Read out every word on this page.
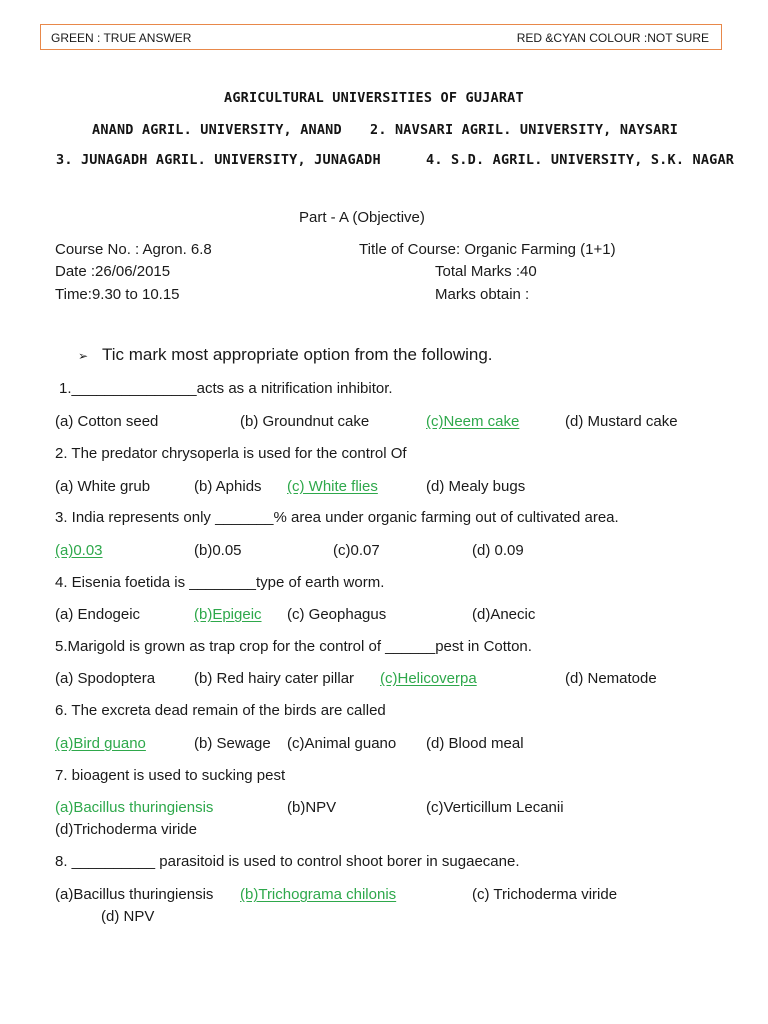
GREEN : TRUE ANSWER	RED &CYAN COLOUR :NOT SURE
AGRICULTURAL UNIVERSITIES OF GUJARAT
ANAND AGRIL. UNIVERSITY, ANAND 2. NAVSARI AGRIL. UNIVERSITY, NAYSARI
3. JUNAGADH AGRIL. UNIVERSITY, JUNAGADH	4. S.D. AGRIL. UNIVERSITY, S.K. NAGAR
Part - A (Objective)
Course No. : Agron. 6.8	Title of Course: Organic Farming (1+1)
Date :26/06/2015	Total Marks :40
Time:9.30 to 10.15	Marks obtain :
➢ Tic mark most appropriate option from the following.
1._______________acts as a nitrification inhibitor.
(a) Cotton seed	(b) Groundnut cake	(c)Neem cake	(d) Mustard cake
2. The predator chrysoperla is used for the control Of
(a) White grub	(b) Aphids (c) White flies	(d) Mealy bugs
3. India represents only _______% area under organic farming out of cultivated area.
(a)0.03	(b)0.05	(c)0.07	(d) 0.09
4. Eisenia foetida is ________type of earth worm.
(a) Endogeic	(b)Epigeic (c) Geophagus	(d)Anecic
5.Marigold is grown as trap crop for the control of ______pest in Cotton.
(a) Spodoptera	(b) Red hairy cater pillar (c)Helicoverpa	(d) Nematode
6. The excreta dead remain of the birds are called
(a)Bird guano	(b) Sewage (c)Animal guano (d) Blood meal
7. bioagent is used to sucking pest
(a)Bacillus thuringiensis	(b)NPV	(c)Verticillum Lecanii
(d)Trichoderma viride
8. __________ parasitoid is used to control shoot borer in sugaecane.
(a)Bacillus thuringiensis (b)Trichograma chilonis	(c) Trichoderma viride
(d) NPV
